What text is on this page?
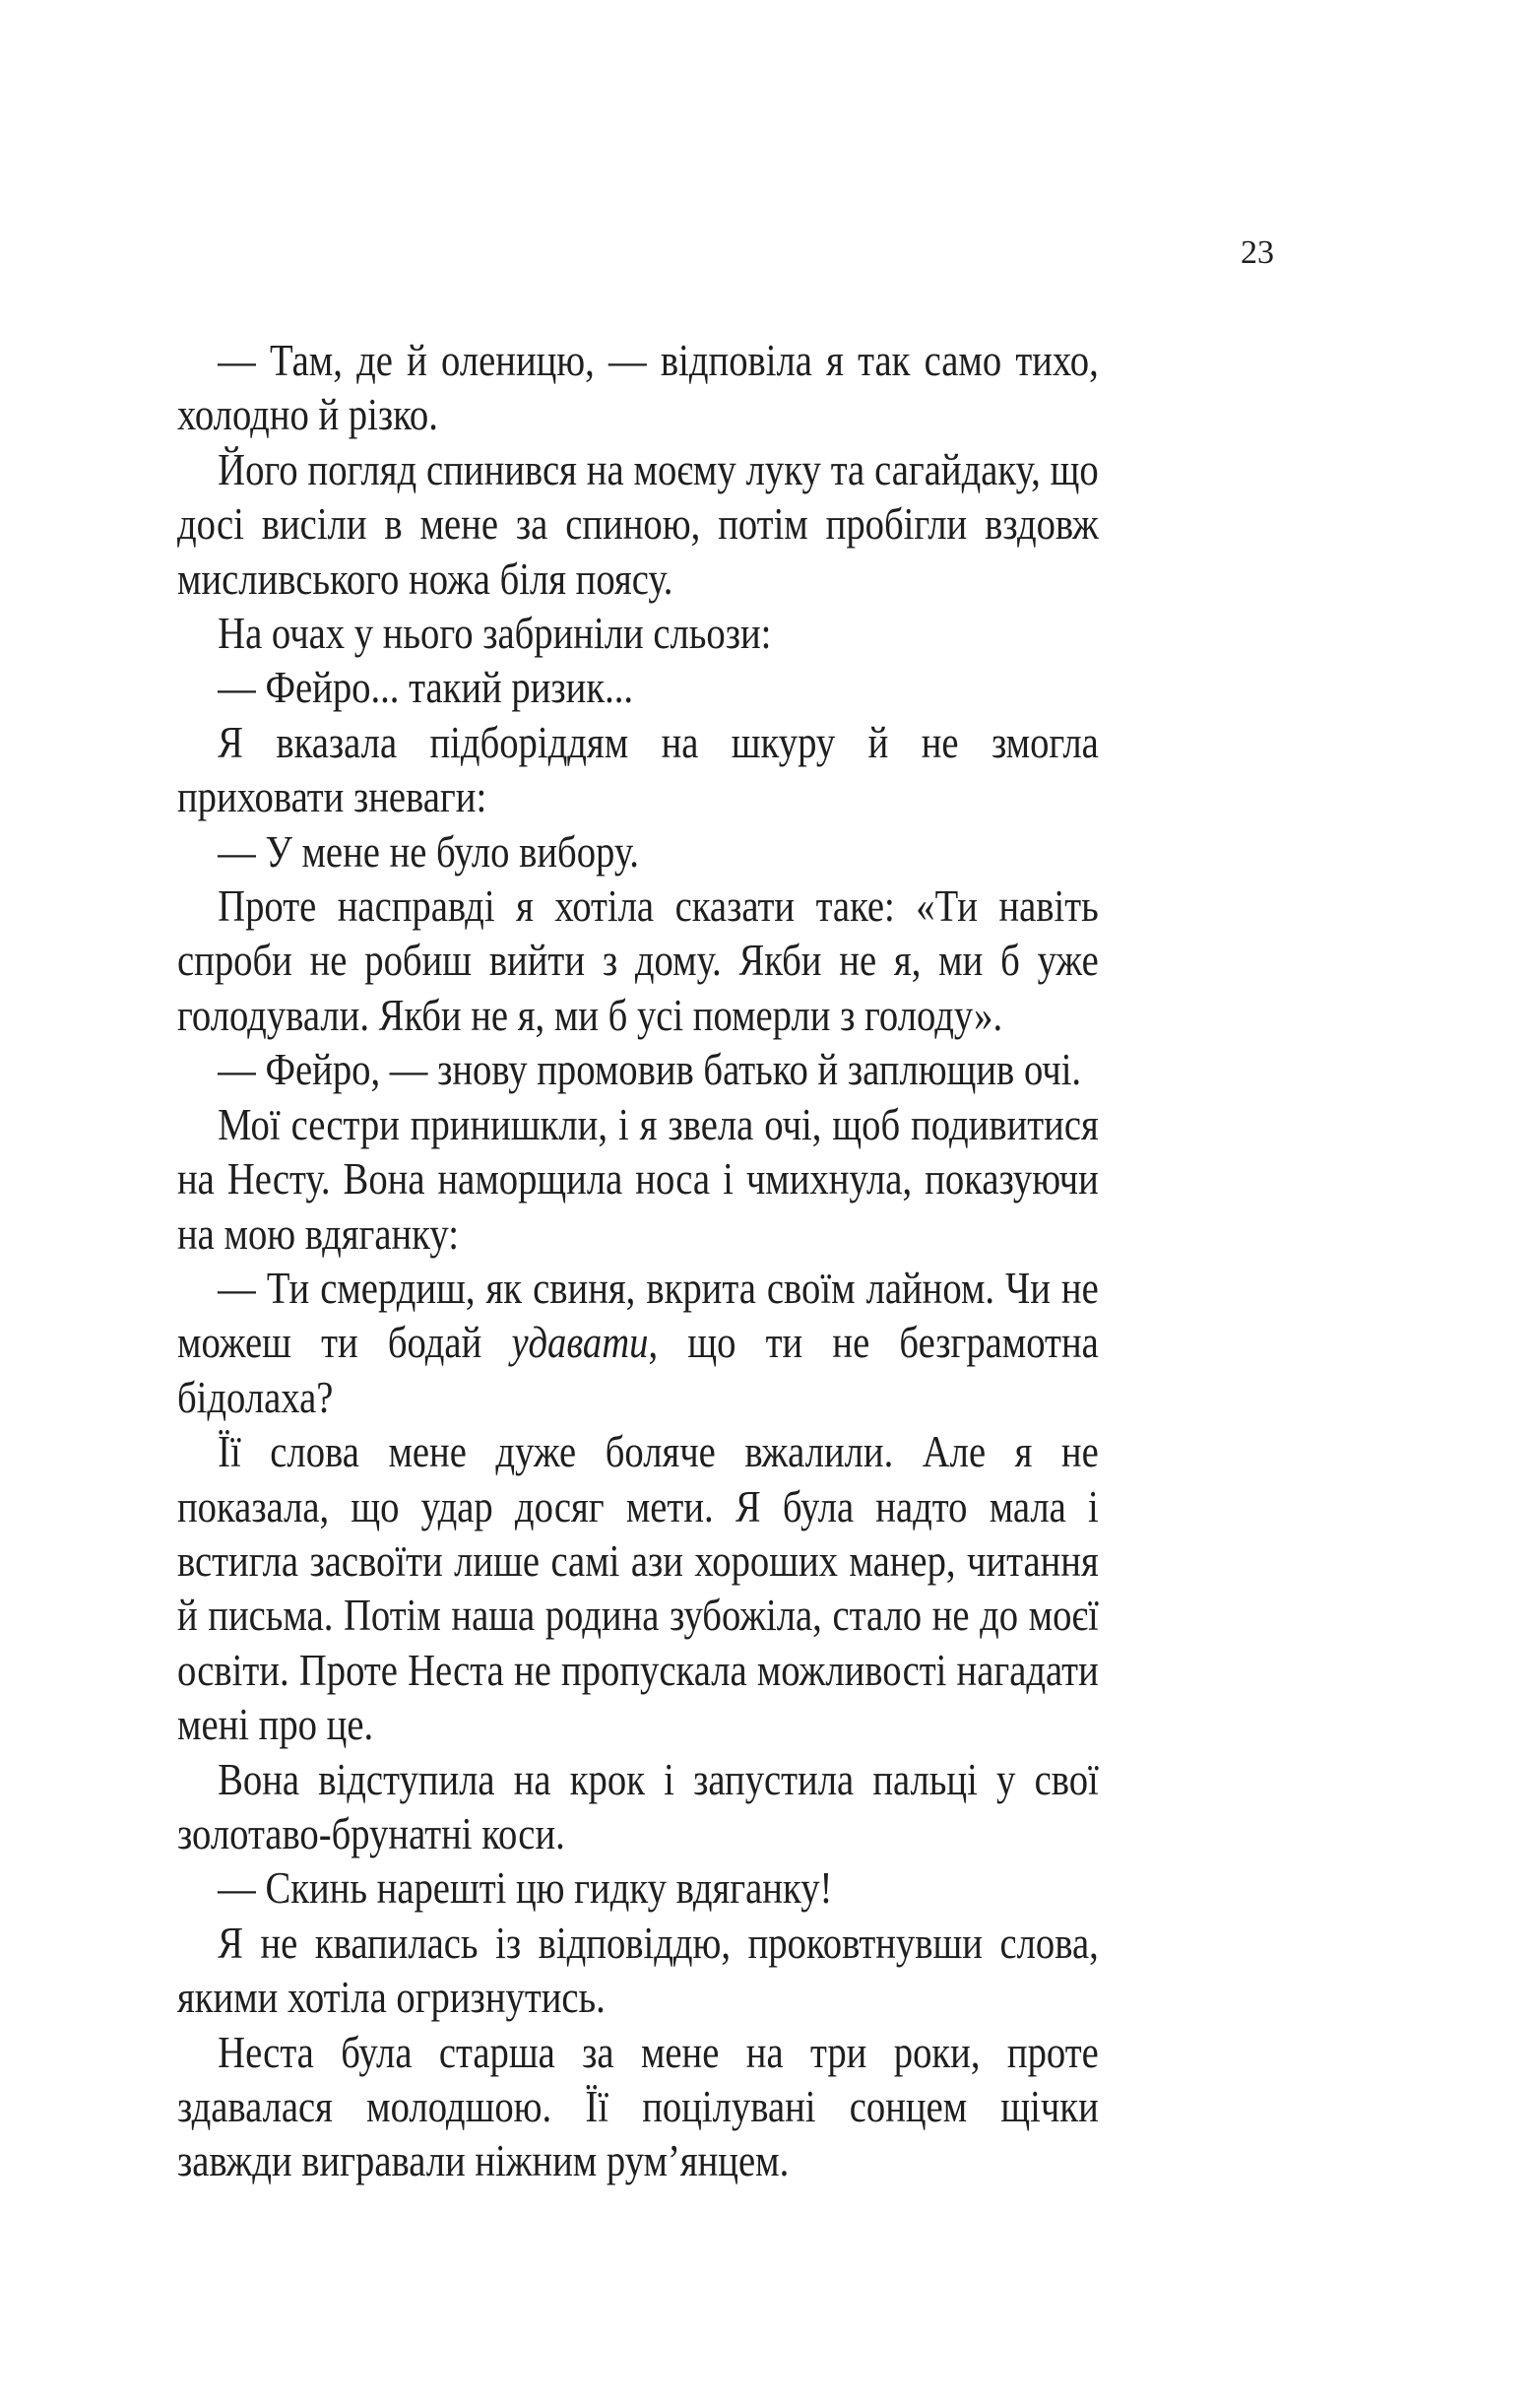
23

— Там, де й оленицю, — відповіла я так само тихо, холодно й різко.

Його погляд спинився на моєму луку та сагайдаку, що досі висіли в мене за спиною, потім пробігли вздовж мисливського ножа біля поясу.

На очах у нього забриніли сльози:

— Фейро... такий ризик...

Я вказала підборіддям на шкуру й не змогла приховати зневаги:

— У мене не було вибору.

Проте насправді я хотіла сказати таке: «Ти навіть спроби не робиш вийти з дому. Якби не я, ми б уже голодували. Якби не я, ми б усі померли з голоду».

— Фейро, — знову промовив батько й заплющив очі.

Мої сестри принишкли, і я звела очі, щоб подивитися на Несту. Вона наморщила носа і чмихнула, показуючи на мою вдяганку:

— Ти смердиш, як свиня, вкрита своїм лайном. Чи не можеш ти бодай удавати, що ти не безграмотна бідолаха?

Її слова мене дуже боляче вжалили. Але я не показала, що удар досяг мети. Я була надто мала і встигла засвоїти лише самі ази хороших манер, читання й письма. Потім наша родина зубожіла, стало не до моєї освіти. Проте Неста не пропускала можливості нагадати мені про це.

Вона відступила на крок і запустила пальці у свої золотаво-брунатні коси.

— Скинь нарешті цю гидку вдяганку!

Я не квапилась із відповіддю, проковтнувши слова, якими хотіла огризнутись.

Неста була старша за мене на три роки, проте здавалася молодшою. Її поцілувані сонцем щічки завжди вигравали ніжним рум’янцем.
